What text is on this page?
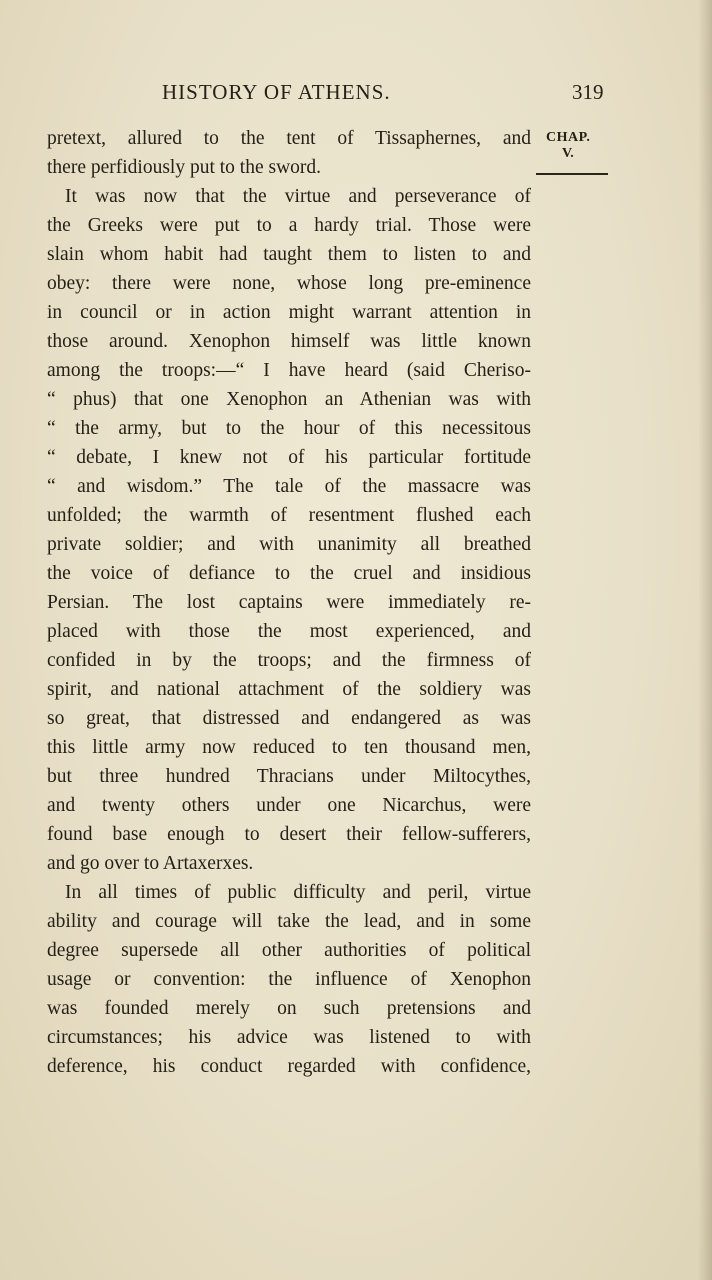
HISTORY OF ATHENS.	319
CHAP.
V.
pretext, allured to the tent of Tissaphernes, and
there perfidiously put to the sword.
It was now that the virtue and perseverance of
the Greeks were put to a hardy trial. Those were
slain whom habit had taught them to listen to and
obey: there were none, whose long pre-eminence
in council or in action might warrant attention in
those around. Xenophon himself was little known
among the troops:—“ I have heard (said Cheriso-
“ phus) that one Xenophon an Athenian was with
“ the army, but to the hour of this necessitous
“ debate, I knew not of his particular fortitude
“ and wisdom.” The tale of the massacre was
unfolded; the warmth of resentment flushed each
private soldier; and with unanimity all breathed
the voice of defiance to the cruel and insidious
Persian. The lost captains were immediately re-
placed with those the most experienced, and
confided in by the troops; and the firmness of
spirit, and national attachment of the soldiery was
so great, that distressed and endangered as was
this little army now reduced to ten thousand men,
but three hundred Thracians under Miltocythes,
and twenty others under one Nicarchus, were
found base enough to desert their fellow-sufferers,
and go over to Artaxerxes.
In all times of public difficulty and peril, virtue
ability and courage will take the lead, and in some
degree supersede all other authorities of political
usage or convention: the influence of Xenophon
was founded merely on such pretensions and
circumstances; his advice was listened to with
deference, his conduct regarded with confidence,
